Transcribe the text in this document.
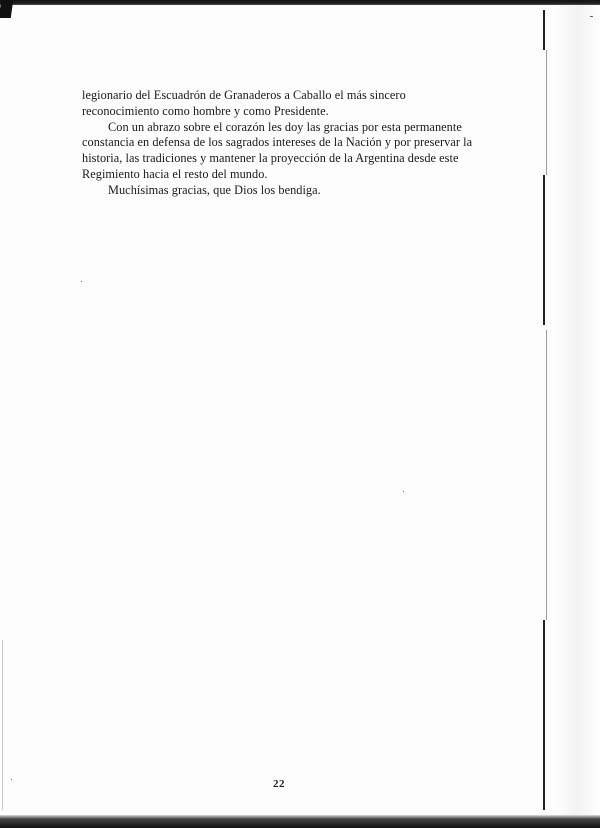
legionario del Escuadrón de Granaderos a Caballo el más sincero

reconocimiento como hombre y como Presidente.

Con un abrazo sobre el corazón les doy las gracias por esta permanente

constancia en defensa de los sagrados intereses de la Nación y por preservar la

historia, las tradiciones y mantener la proyección de la Argentina desde este

Regimiento hacia el resto del mundo.

Muchísimas gracias, que Dios los bendiga.

22
